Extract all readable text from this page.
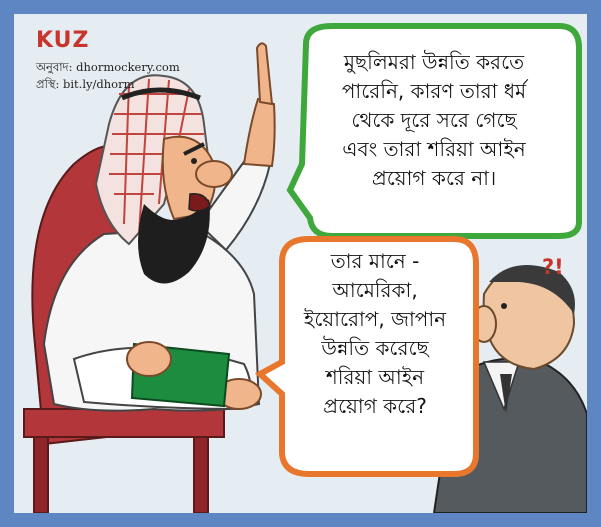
KUZ
অনুবাদ: dhormockery.com
প্রস্থি: bit.ly/dhorm
মুছলিমরা উন্নতি করতে
পারেনি, কারণ তারা ধর্ম
থেকে দূরে সরে গেছে
এবং তারা শরিয়া আইন
প্রয়োগ করে না।
তার মানে -
আমেরিকা,
ইয়োরোপ, জাপান
উন্নতি করেছে
শরিয়া আইন
প্রয়োগ করে?
?!
